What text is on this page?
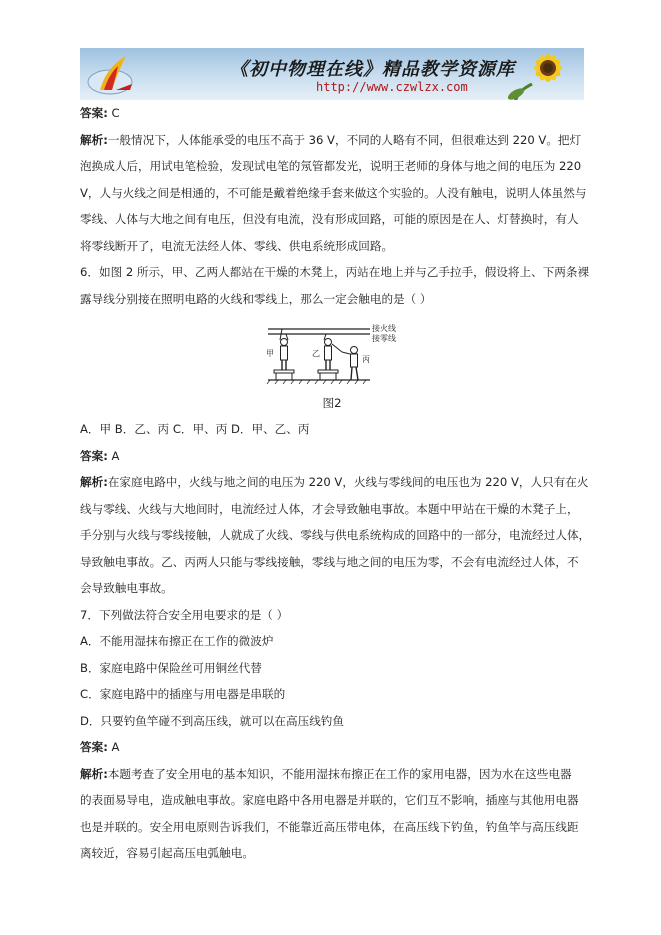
《初中物理在线》精品教学资源库
http://www.czwlzx.com
答案: C
解析:一般情况下，人体能承受的电压不高于 36 V，不同的人略有不同，但很难达到 220 V。把灯
泡换成人后，用试电笔检验，发现试电笔的氖管都发光，说明王老师的身体与地之间的电压为 220
V，人与火线之间是相通的，不可能是戴着绝缘手套来做这个实验的。人没有触电，说明人体虽然与
零线、人体与大地之间有电压，但没有电流，没有形成回路，可能的原因是在人、灯替换时，有人
将零线断开了，电流无法经人体、零线、供电系统形成回路。
6．如图 2 所示，甲、乙两人都站在干燥的木凳上，丙站在地上并与乙手拉手，假设将上、下两条裸
露导线分别接在照明电路的火线和零线上，那么一定会触电的是（ ）
接火线
接零线
甲	乙
丙
图2
A．甲 B．乙、丙 C．甲、丙 D．甲、乙、丙
答案: A
解析:在家庭电路中，火线与地之间的电压为 220 V，火线与零线间的电压也为 220 V，人只有在火
线与零线、火线与大地间时，电流经过人体，才会导致触电事故。本题中甲站在干燥的木凳子上，
手分别与火线与零线接触，人就成了火线、零线与供电系统构成的回路中的一部分，电流经过人体，
导致触电事故。乙、丙两人只能与零线接触，零线与地之间的电压为零，不会有电流经过人体，不
会导致触电事故。
7．下列做法符合安全用电要求的是（ ）
A．不能用湿抹布擦正在工作的微波炉
B．家庭电路中保险丝可用铜丝代替
C．家庭电路中的插座与用电器是串联的
D．只要钓鱼竿碰不到高压线，就可以在高压线钓鱼
答案: A
解析:本题考查了安全用电的基本知识，不能用湿抹布擦正在工作的家用电器，因为水在这些电器
的表面易导电，造成触电事故。家庭电路中各用电器是并联的，它们互不影响，插座与其他用电器
也是并联的。安全用电原则告诉我们，不能靠近高压带电体，在高压线下钓鱼，钓鱼竿与高压线距
离较近，容易引起高压电弧触电。
